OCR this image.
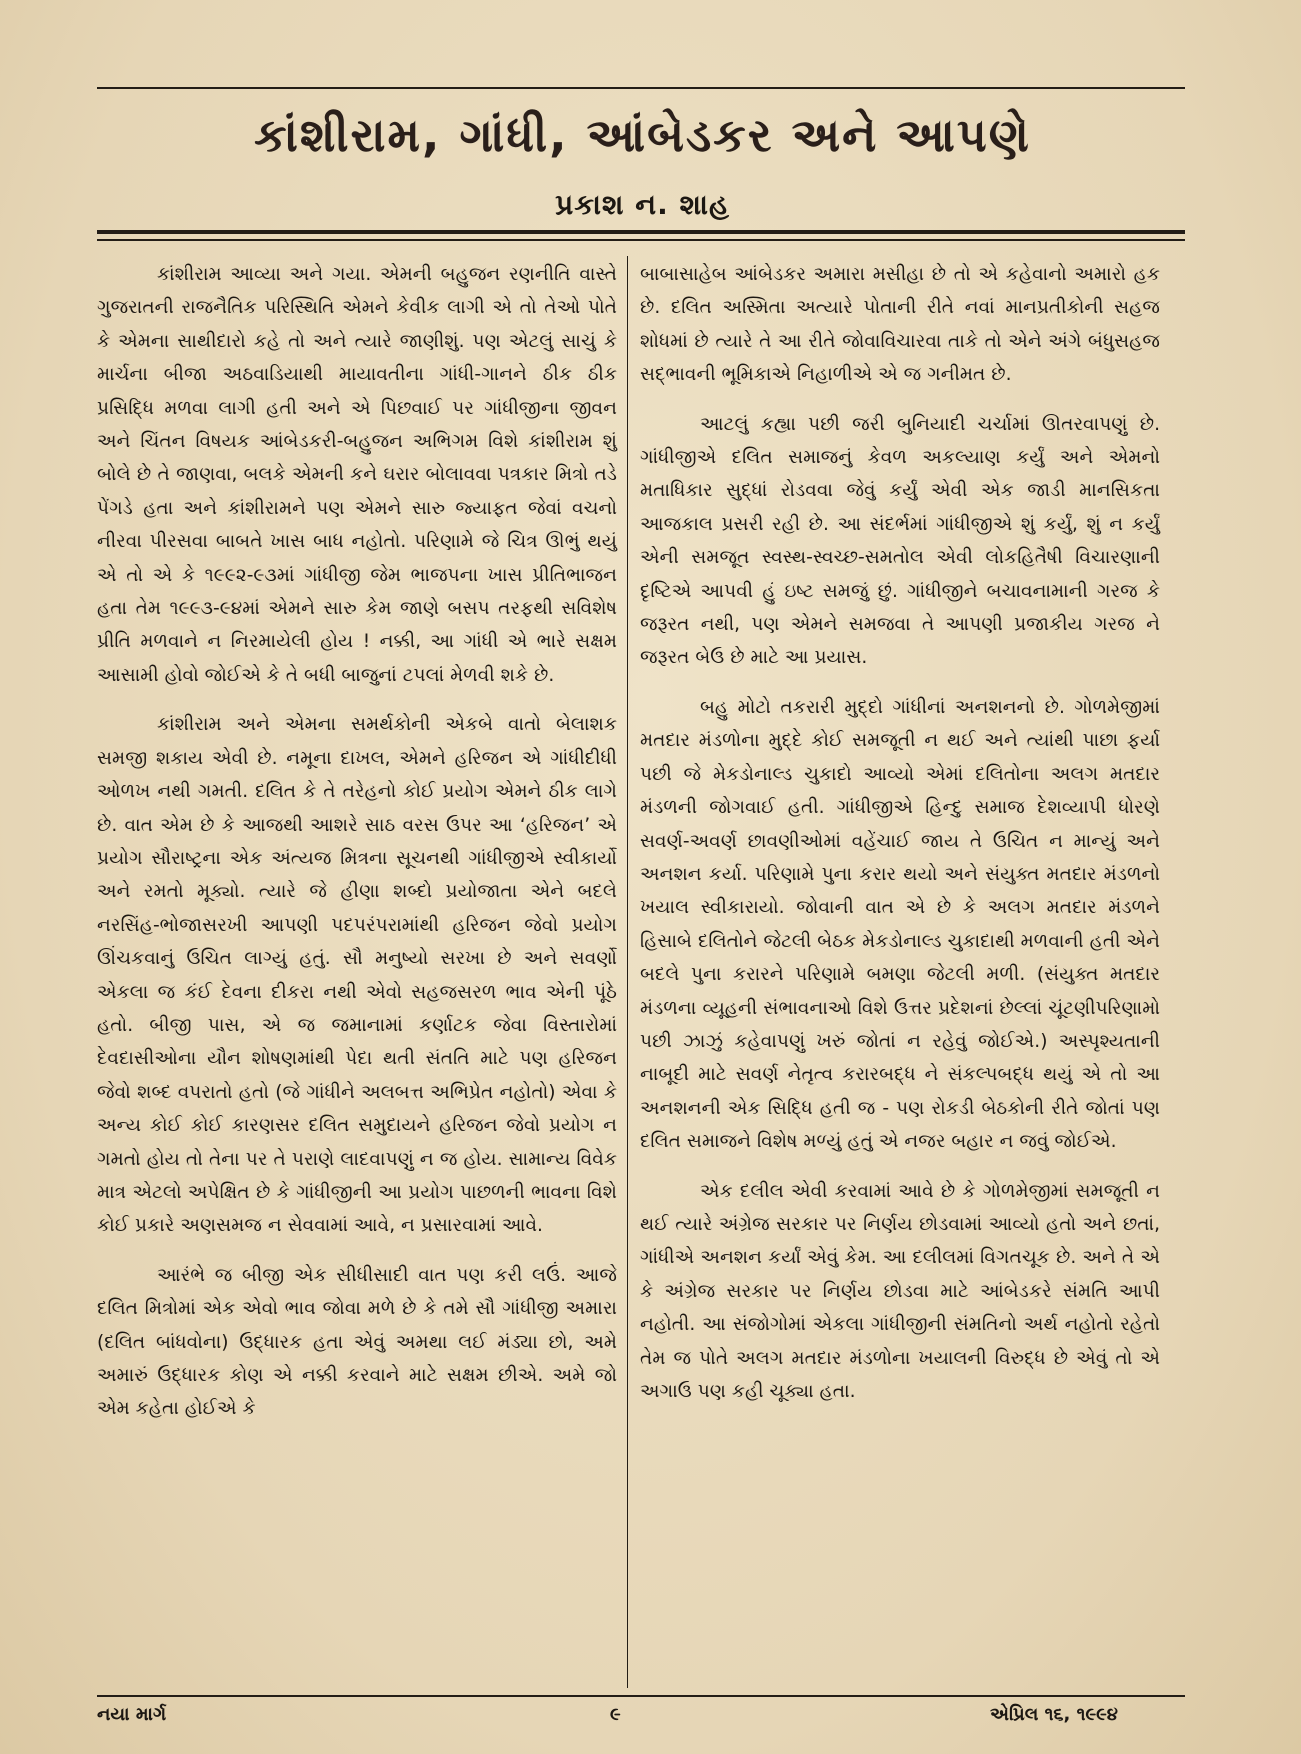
કાંશીરામ, ગાંધી, આંબેડકર અને આપણે
પ્રકાશ ન. શાહ

કાંશીરામ આવ્યા અને ગયા. એમની બહુજન રણનીતિ વાસ્તે ગુજરાતની રાજનૈતિક પરિસ્થિતિ એમને કેવીક લાગી એ તો તેઓ પોતે કે એમના સાથીદારો કહે તો અને ત્યારે જાણીશું. પણ એટલું સાચું કે માર્ચના બીજા અઠવાડિયાથી માયાવતીના ગાંધી-ગાનને ઠીક ઠીક પ્રસિદ્ધિ મળવા લાગી હતી અને એ પિછવાઈ પર ગાંધીજીના જીવન અને ચિંતન વિષયક આંબેડકરી-બહુજન અભિગમ વિશે કાંશીરામ શું બોલે છે તે જાણવા, બલકે એમની કને ઘરાર બોલાવવા પત્રકાર મિત્રો તડે પેંગડે હતા અને કાંશીરામને પણ એમને સારુ જ્યાફત જેવાં વચનો નીરવા પીરસવા બાબતે ખાસ બાધ નહોતો. પરિણામે જે ચિત્ર ઊભું થયું એ તો એ કે ૧૯૯૨-૯૩માં ગાંધીજી જેમ ભાજપના ખાસ પ્રીતિભાજન હતા તેમ ૧૯૯૩-૯૪માં એમને સારુ કેમ જાણે બસપ તરફથી સવિશેષ પ્રીતિ મળવાને ન નિરમાયેલી હોય ! નક્કી, આ ગાંધી એ ભારે સક્ષમ આસામી હોવો જોઈએ કે તે બધી બાજુનાં ટપલાં મેળવી શકે છે.

કાંશીરામ અને એમના સમર્થકોની એકબે વાતો બેલાશક સમજી શકાય એવી છે. નમૂના દાખલ, એમને હરિજન એ ગાંધીદીધી ઓળખ નથી ગમતી. દલિત કે તે તરેહનો કોઈ પ્રયોગ એમને ઠીક લાગે છે. વાત એમ છે કે આજથી આશરે સાઠ વરસ ઉપર આ ‘હરિજન’ એ પ્રયોગ સૌરાષ્ટ્રના એક અંત્યજ મિત્રના સૂચનથી ગાંધીજીએ સ્વીકાર્યો અને રમતો મૂક્યો. ત્યારે જે હીણા શબ્દો પ્રયોજાતા એને બદલે નરસિંહ-ભોજાસરખી આપણી પદપરંપરામાંથી હરિજન જેવો પ્રયોગ ઊંચકવાનું ઉચિત લાગ્યું હતું. સૌ મનુષ્યો સરખા છે અને સવર્ણો એકલા જ કંઈ દેવના દીકરા નથી એવો સહજસરળ ભાવ એની પૂંઠે હતો. બીજી પાસ, એ જ જમાનામાં કર્ણાટક જેવા વિસ્તારોમાં દેવદાસીઓના યૌન શોષણમાંથી પેદા થતી સંતતિ માટે પણ હરિજન જેવો શબ્દ વપરાતો હતો (જે ગાંધીને અલબત્ત અભિપ્રેત નહોતો) એવા કે અન્ય કોઈ કોઈ કારણસર દલિત સમુદાયને હરિજન જેવો પ્રયોગ ન ગમતો હોય તો તેના પર તે પરાણે લાદવાપણું ન જ હોય. સામાન્ય વિવેક માત્ર એટલો અપેક્ષિત છે કે ગાંધીજીની આ પ્રયોગ પાછળની ભાવના વિશે કોઈ પ્રકારે અણસમજ ન સેવવામાં આવે, ન પ્રસારવામાં આવે.

આરંભે જ બીજી એક સીધીસાદી વાત પણ કરી લઉં. આજે દલિત મિત્રોમાં એક એવો ભાવ જોવા મળે છે કે તમે સૌ ગાંધીજી અમારા (દલિત બાંધવોના) ઉદ્ધારક હતા એવું અમથા લઈ મંડ્યા છો, અમે અમારું ઉદ્ધારક કોણ એ નક્કી કરવાને માટે સક્ષમ છીએ. અમે જો એમ કહેતા હોઈએ કે

બાબાસાહેબ આંબેડકર અમારા મસીહા છે તો એ કહેવાનો અમારો હક છે. દલિત અસ્મિતા અત્યારે પોતાની રીતે નવાં માનપ્રતીકોની સહજ શોધમાં છે ત્યારે તે આ રીતે જોવાવિચારવા તાકે તો એને અંગે બંધુસહજ સદ્ભાવની ભૂમિકાએ નિહાળીએ એ જ ગનીમત છે.

આટલું કહ્યા પછી જરી બુનિયાદી ચર્ચામાં ઊતરવાપણું છે. ગાંધીજીએ દલિત સમાજનું કેવળ અકલ્યાણ કર્યું અને એમનો મતાધિકાર સુદ્ધાં રોડવવા જેવું કર્યું એવી એક જાડી માનસિકતા આજકાલ પ્રસરી રહી છે. આ સંદર્ભમાં ગાંધીજીએ શું કર્યું, શું ન કર્યું એની સમજૂત સ્વસ્થ-સ્વચ્છ-સમતોલ એવી લોકહિતૈષી વિચારણાની દૃષ્ટિએ આપવી હું ઇષ્ટ સમજું છું. ગાંધીજીને બચાવનામાની ગરજ કે જરૂરત નથી, પણ એમને સમજવા તે આપણી પ્રજાકીય ગરજ ને જરૂરત બેઉ છે માટે આ પ્રયાસ.

બહુ મોટો તકરારી મુદ્દો ગાંધીનાં અનશનનો છે. ગોળમેજીમાં મતદાર મંડળોના મુદ્દે કોઈ સમજૂતી ન થઈ અને ત્યાંથી પાછા ફર્યા પછી જે મેકડોનાલ્ડ ચુકાદો આવ્યો એમાં દલિતોના અલગ મતદાર મંડળની જોગવાઈ હતી. ગાંધીજીએ હિન્દુ સમાજ દેશવ્યાપી ધોરણે સવર્ણ-અવર્ણ છાવણીઓમાં વહેંચાઈ જાય તે ઉચિત ન માન્યું અને અનશન કર્યા. પરિણામે પુના કરાર થયો અને સંયુક્ત મતદાર મંડળનો ખયાલ સ્વીકારાયો. જોવાની વાત એ છે કે અલગ મતદાર મંડળને હિસાબે દલિતોને જેટલી બેઠક મેકડોનાલ્ડ ચુકાદાથી મળવાની હતી એને બદલે પુના કરારને પરિણામે બમણા જેટલી મળી. (સંયુક્ત મતદાર મંડળના વ્યૂહની સંભાવનાઓ વિશે ઉત્તર પ્રદેશનાં છેલ્લાં ચૂંટણીપરિણામો પછી ઝાઝું કહેવાપણું ખરું જોતાં ન રહેવું જોઈએ.) અસ્પૃશ્યતાની નાબૂદી માટે સવર્ણ નેતૃત્વ કરારબદ્ધ ને સંકલ્પબદ્ધ થયું એ તો આ અનશનની એક સિદ્ધિ હતી જ - પણ રોકડી બેઠકોની રીતે જોતાં પણ દલિત સમાજને વિશેષ મળ્યું હતું એ નજર બહાર ન જવું જોઈએ.

એક દલીલ એવી કરવામાં આવે છે કે ગોળમેજીમાં સમજૂતી ન થઈ ત્યારે અંગ્રેજ સરકાર પર નિર્ણય છોડવામાં આવ્યો હતો અને છતાં, ગાંધીએ અનશન કર્યાં એવું કેમ. આ દલીલમાં વિગતચૂક છે. અને તે એ કે અંગ્રેજ સરકાર પર નિર્ણય છોડવા માટે આંબેડકરે સંમતિ આપી નહોતી. આ સંજોગોમાં એકલા ગાંધીજીની સંમતિનો અર્થ નહોતો રહેતો તેમ જ પોતે અલગ મતદાર મંડળોના ખયાલની વિરુદ્ધ છે એવું તો એ અગાઉ પણ કહી ચૂક્યા હતા.

નયા માર્ગ	૯	એપ્રિલ ૧૬, ૧૯૯૪
